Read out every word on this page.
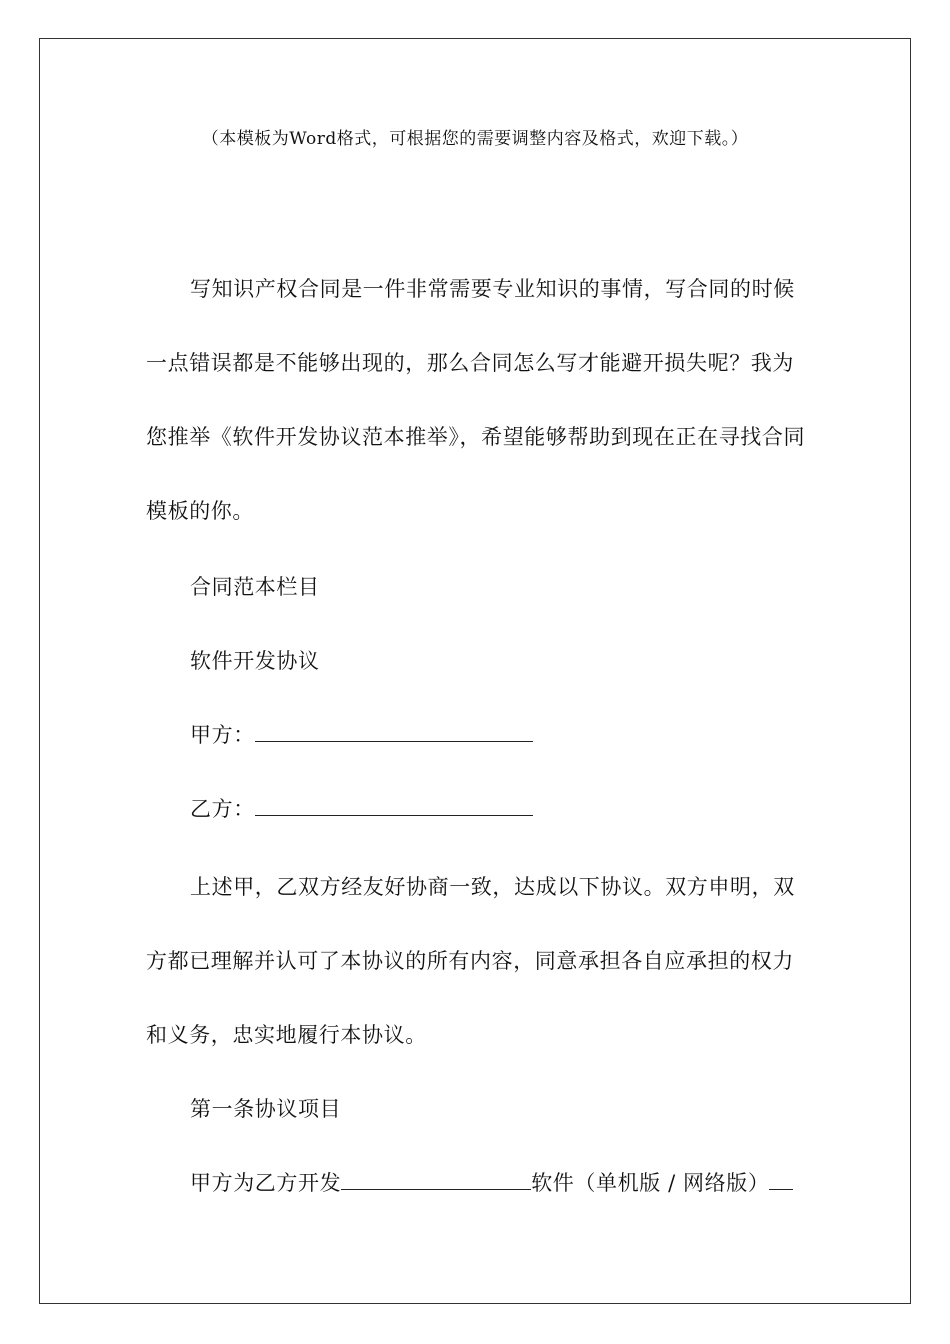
（本模板为Word格式，可根据您的需要调整内容及格式，欢迎下载。）
写知识产权合同是一件非常需要专业知识的事情，写合同的时候一点错误都是不能够出现的，那么合同怎么写才能避开损失呢？我为您推举《软件开发协议范本推举》，希望能够帮助到现在正在寻找合同模板的你。
合同范本栏目
软件开发协议
甲方：
乙方：
上述甲，乙双方经友好协商一致，达成以下协议。双方申明，双方都已理解并认可了本协议的所有内容，同意承担各自应承担的权力和义务，忠实地履行本协议。
第一条协议项目
甲方为乙方开发	软件（单机版 / 网络版）
